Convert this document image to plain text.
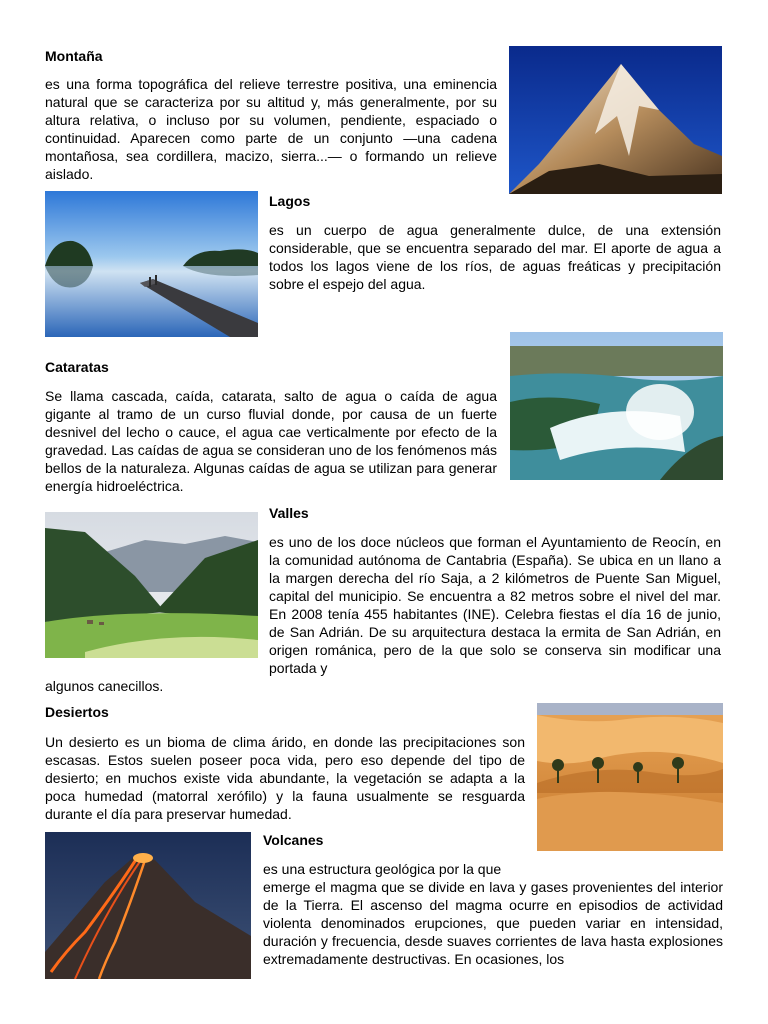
Montaña
es una forma topográfica del relieve terrestre positiva, una eminencia natural que se caracteriza por su altitud y, más generalmente, por su altura relativa, o incluso por su volumen, pendiente, espaciado o continuidad. Aparecen como parte de un conjunto —una cadena montañosa, sea cordillera, macizo, sierra...— o formando un relieve aislado.
Lagos
es un cuerpo de agua generalmente dulce, de una extensión considerable, que se encuentra separado del mar. El aporte de agua a todos los lagos viene de los ríos, de aguas freáticas y precipitación sobre el espejo del agua.
Cataratas
Se llama cascada, caída, catarata, salto de agua o caída de agua gigante al tramo de un curso fluvial donde, por causa de un fuerte desnivel del lecho o cauce, el agua cae verticalmente por efecto de la gravedad. Las caídas de agua se consideran uno de los fenómenos más bellos de la naturaleza. Algunas caídas de agua se utilizan para generar energía hidroeléctrica.
Valles
es uno de los doce núcleos que forman el Ayuntamiento de Reocín, en la comunidad autónoma de Cantabria (España). Se ubica en un llano a la margen derecha del río Saja, a 2 kilómetros de Puente San Miguel, capital del municipio. Se encuentra a 82 metros sobre el nivel del mar. En 2008 tenía 455 habitantes (INE). Celebra fiestas el día 16 de junio, de San Adrián. De su arquitectura destaca la ermita de San Adrián, en origen románica, pero de la que solo se conserva sin modificar una portada y
algunos canecillos.
Desiertos
Un desierto es un bioma de clima árido, en donde las precipitaciones son escasas. Estos suelen poseer poca vida, pero eso depende del tipo de desierto; en muchos existe vida abundante, la vegetación se adapta a la poca humedad (matorral xerófilo) y la fauna usualmente se resguarda durante el día para preservar humedad.
Volcanes
es una estructura geológica por la que
emerge el magma que se divide en lava y gases provenientes del interior de la Tierra. El ascenso del magma ocurre en episodios de actividad violenta denominados erupciones, que pueden variar en intensidad, duración y frecuencia, desde suaves corrientes de lava hasta explosiones extremadamente destructivas. En ocasiones, los
